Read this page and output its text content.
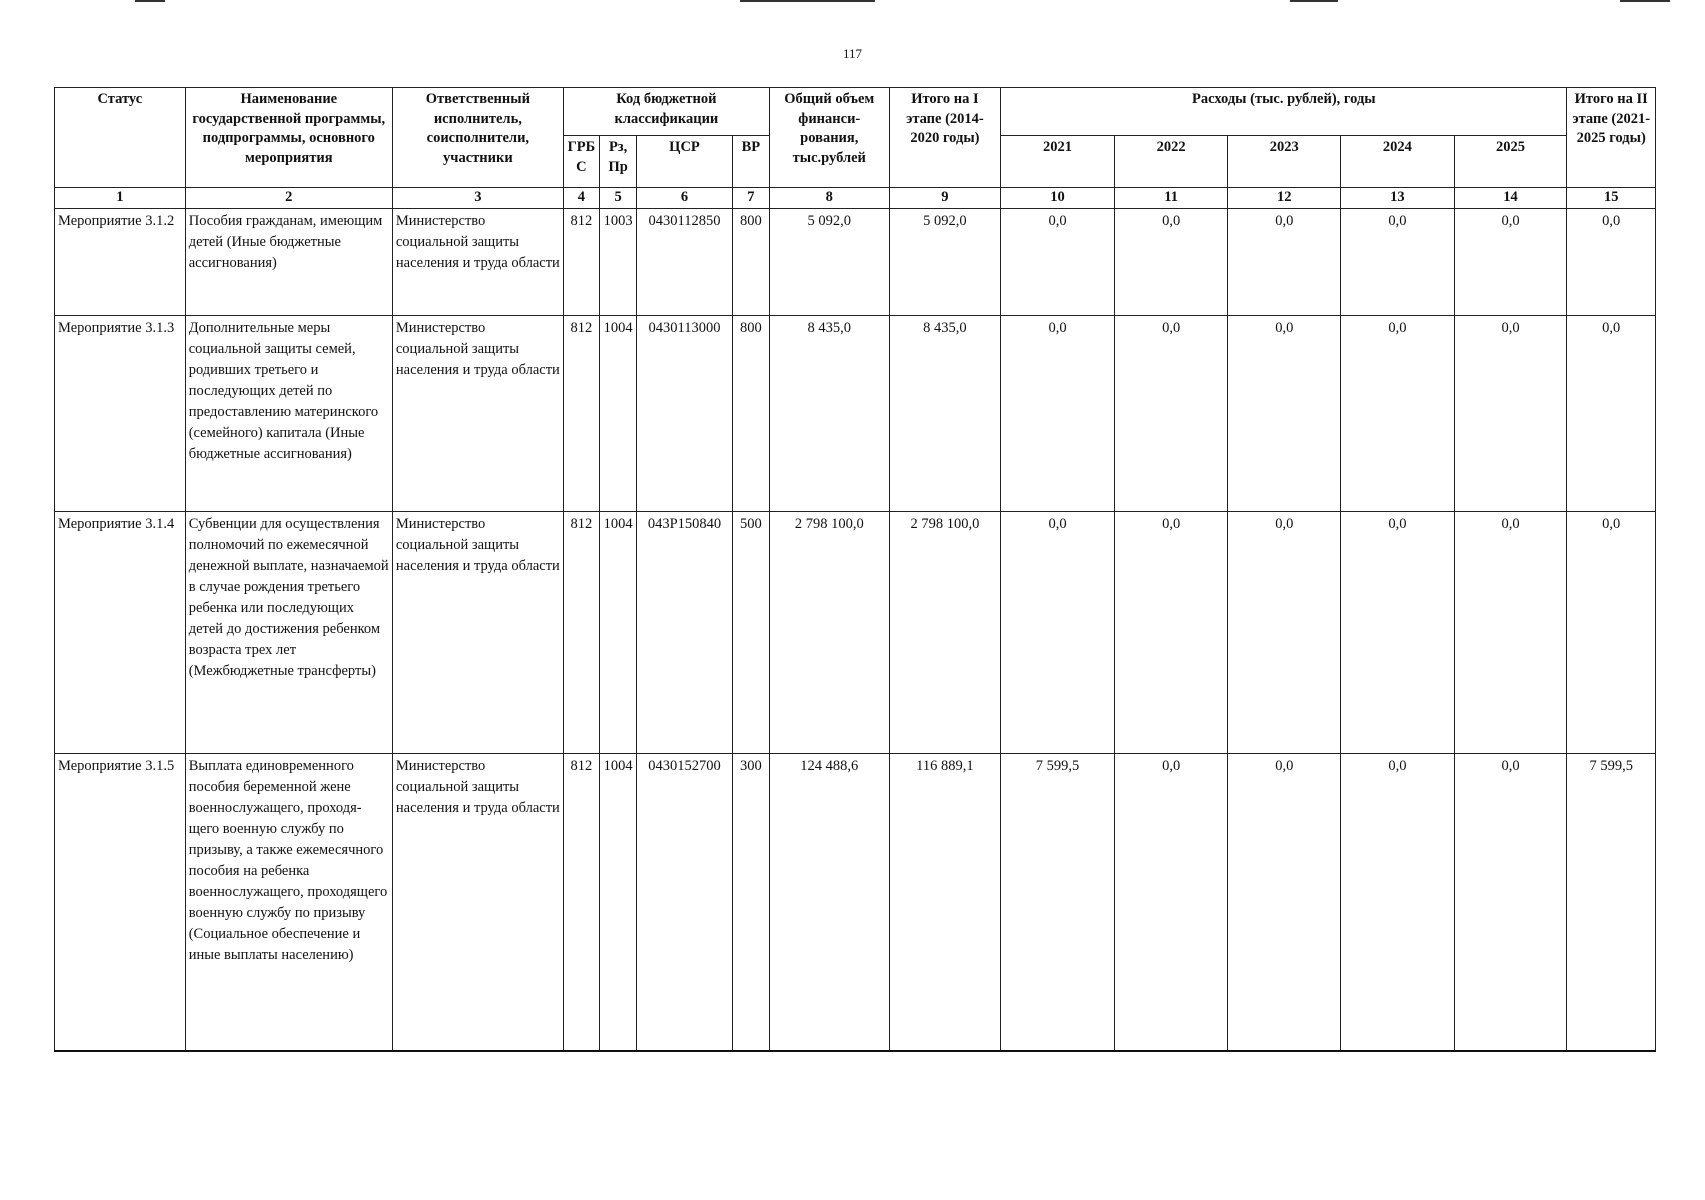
117
Статус	Наименование государственной программы, подпрограммы, основного мероприятия	Ответственный исполнитель, соисполнители, участники	Код бюджетной классификации				Общий объем финанси- рования, тыс.рублей	Итого на I этапе (2014-2020 годы)	Расходы (тыс. рублей), годы					Итого на II этапе (2021-2025 годы)
			ГРБ С	Рз, Пр	ЦСР	ВР			2021	2022	2023	2024	2025	
1	2	3	4	5	6	7	8	9	10	11	12	13	14	15
Мероприятие 3.1.2	Пособия гражданам, имеющим детей (Иные бюджетные ассигнования)	Министерство социальной защиты населения и труда области	812	1003	0430112850	800	5 092,0	5 092,0	0,0	0,0	0,0	0,0	0,0	0,0
Мероприятие 3.1.3	Дополнительные меры социальной защиты семей, родивших третьего и последующих детей по предоставлению материнского (семейного) капитала (Иные бюджетные ассигнования)	Министерство социальной защиты населения и труда области	812	1004	0430113000	800	8 435,0	8 435,0	0,0	0,0	0,0	0,0	0,0	0,0
Мероприятие 3.1.4	Субвенции для осуществления полномочий по ежемесячной денежной выплате, назначаемой в случае рождения третьего ребенка или последующих детей до достижения ребенком возраста трех лет (Межбюджетные трансферты)	Министерство социальной защиты населения и труда области	812	1004	043P150840	500	2 798 100,0	2 798 100,0	0,0	0,0	0,0	0,0	0,0	0,0
Мероприятие 3.1.5	Выплата единовременного пособия беременной жене военнослужащего, проходя- щего военную службу по призыву, а также ежемесячного пособия на ребенка военнослужащего, проходящего военную службу по призыву (Социальное обеспечение и иные выплаты населению)	Министерство социальной защиты населения и труда области	812	1004	0430152700	300	124 488,6	116 889,1	7 599,5	0,0	0,0	0,0	0,0	7 599,5
